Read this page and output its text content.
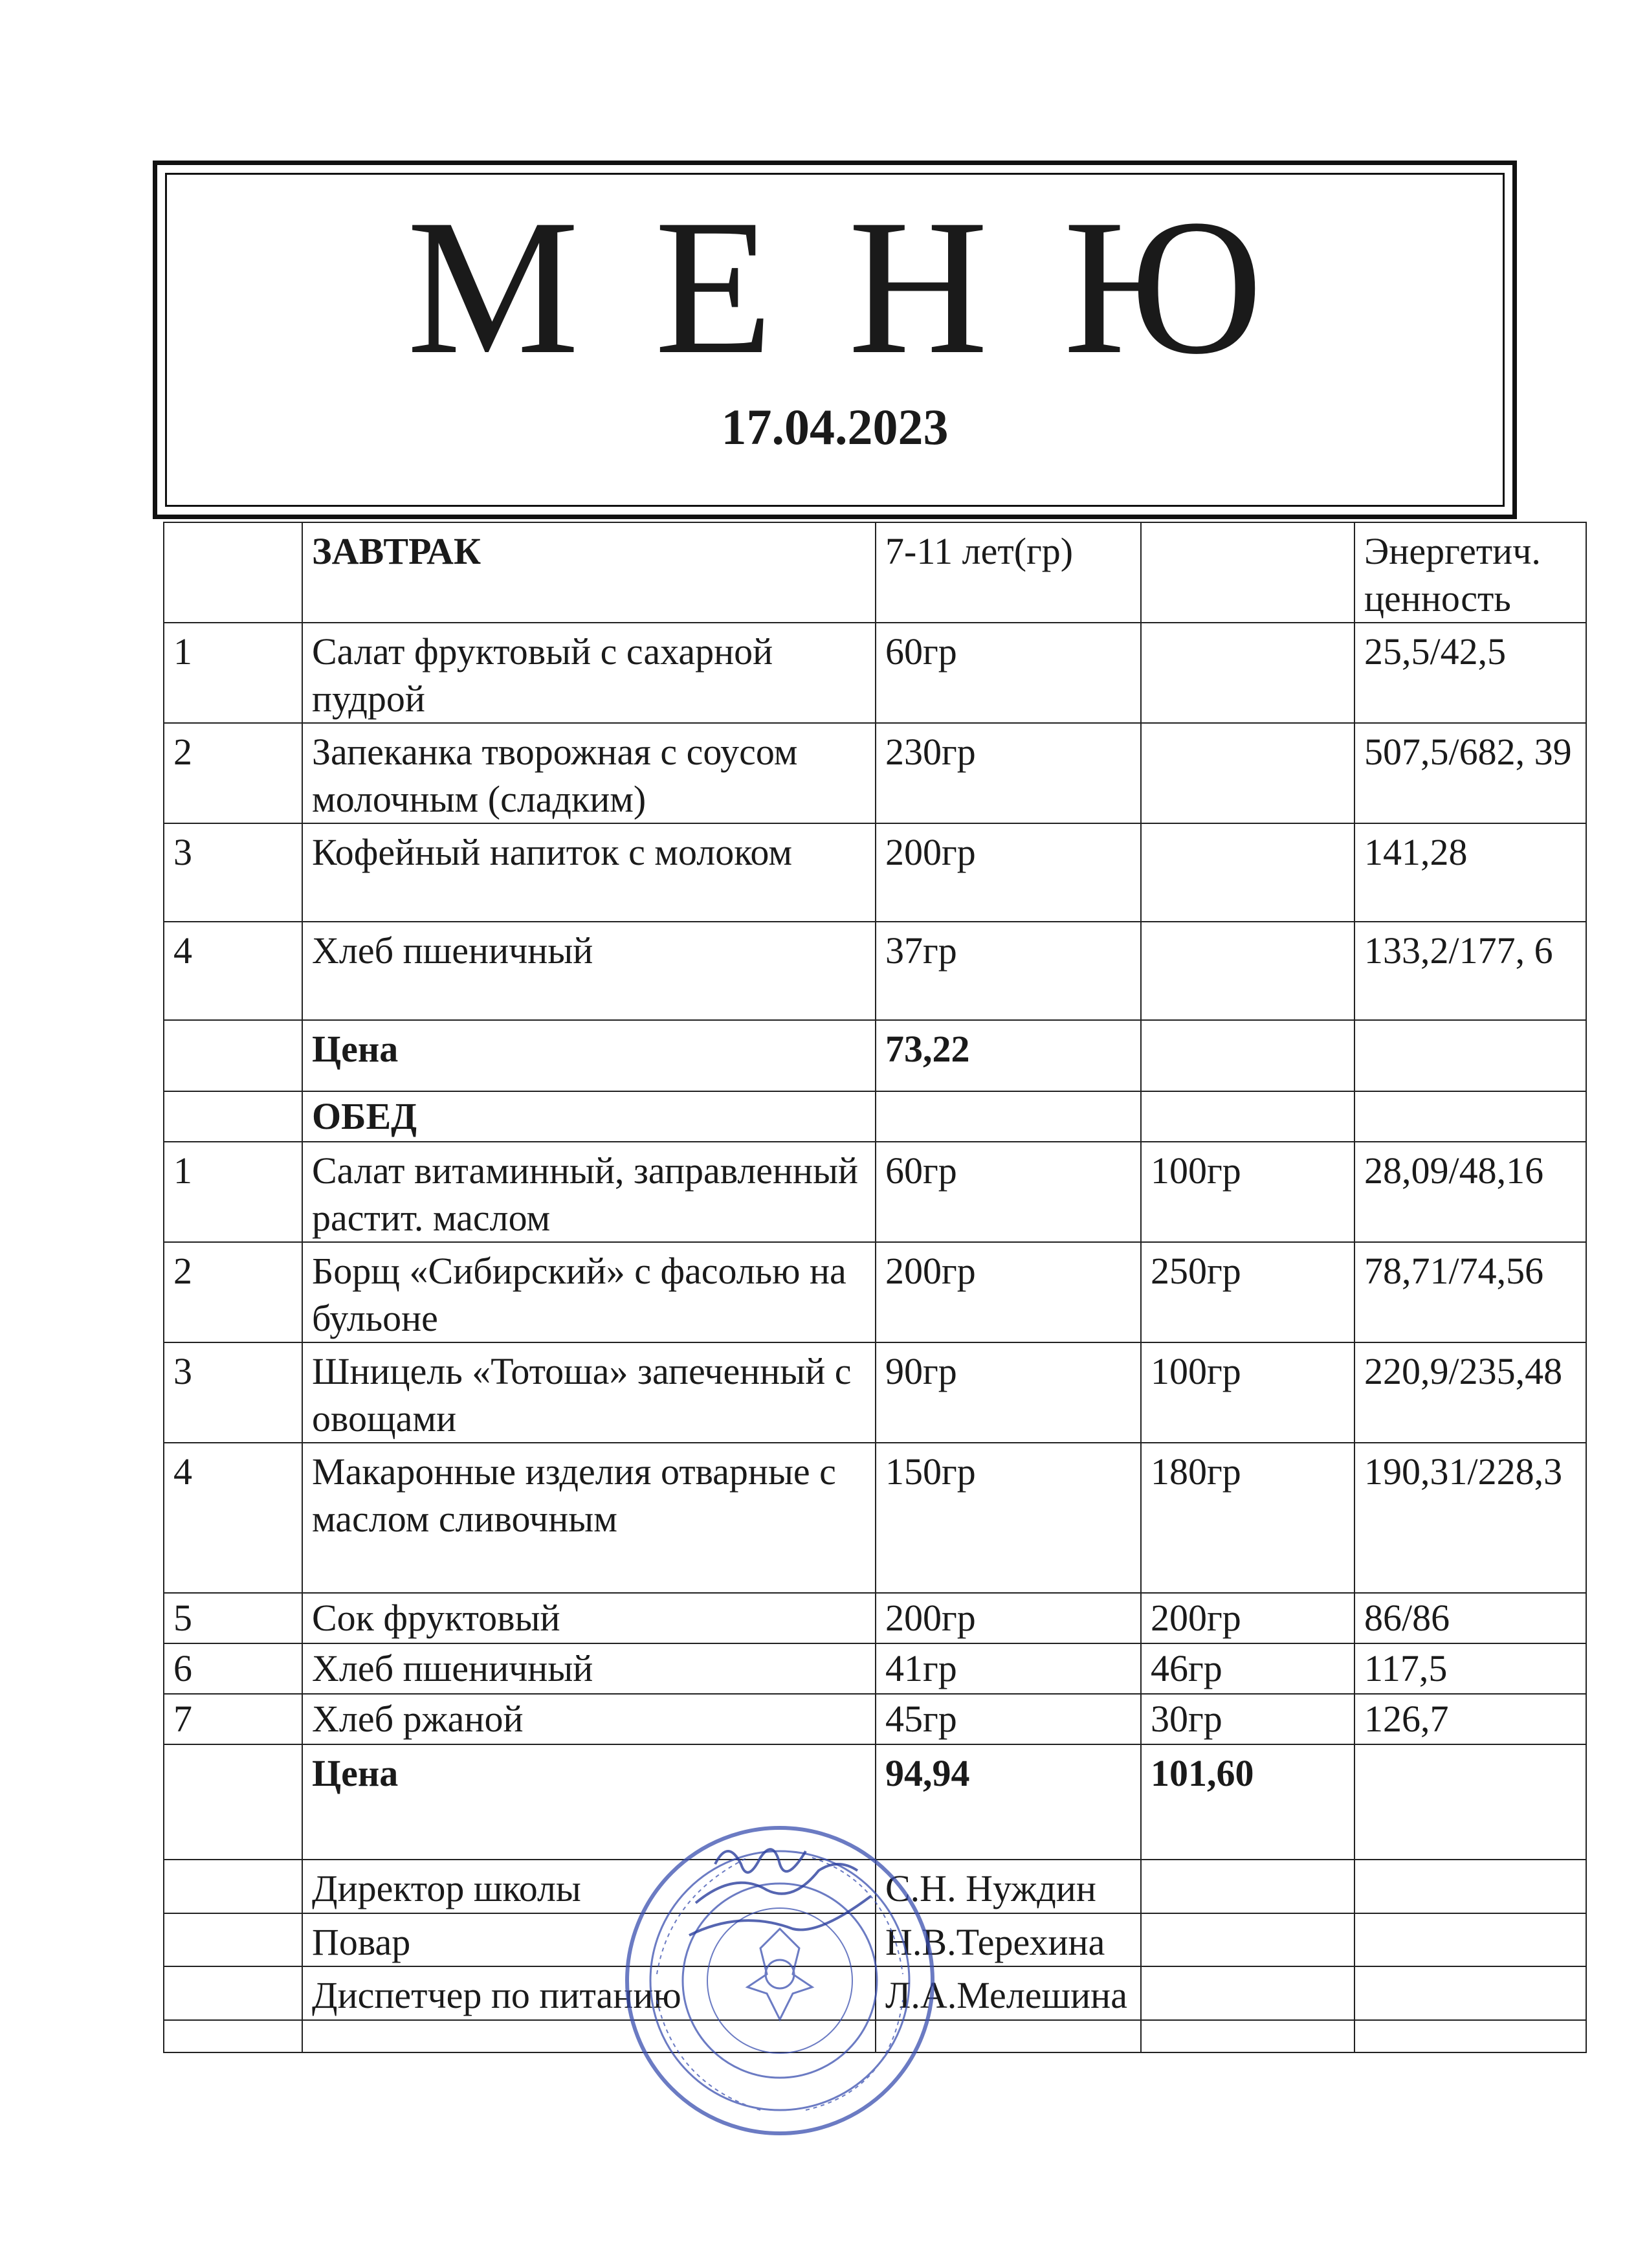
М Е Н Ю
17.04.2023
	ЗАВТРАК	7-11 лет(гр)		Энергетич. ценность
1	Салат фруктовый с сахарной пудрой	60гр		25,5/42,5
2	Запеканка творожная с соусом молочным (сладким)	230гр		507,5/682, 39
3	Кофейный напиток с молоком	200гр		141,28
4	Хлеб пшеничный	37гр		133,2/177, 6
	Цена	73,22		
	ОБЕД			
1	Салат витаминный, заправленный растит. маслом	60гр	100гр	28,09/48,16
2	Борщ «Сибирский» с фасолью на бульоне	200гр	250гр	78,71/74,56
3	Шницель «Тотоша» запеченный с овощами	90гр	100гр	220,9/235,48
4	Макаронные изделия отварные с маслом сливочным	150гр	180гр	190,31/228,3
5	Сок фруктовый	200гр	200гр	86/86
6	Хлеб пшеничный	41гр	46гр	117,5
7	Хлеб ржаной	45гр	30гр	126,7
	Цена	94,94	101,60	
	Директор школы	С.Н. Нуждин		
	Повар	Н.В.Терехина		
	Диспетчер по питанию	Л.А.Мелешина		
